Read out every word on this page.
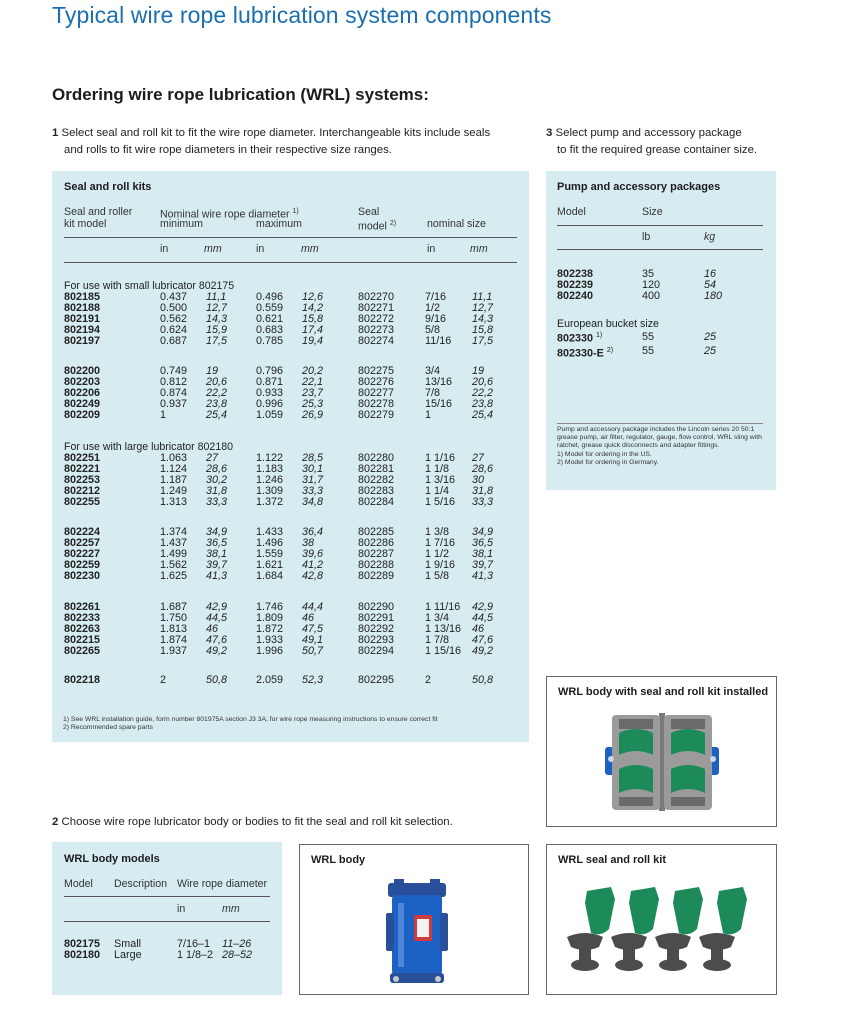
Typical wire rope lubrication system components
Ordering wire rope lubrication (WRL) systems:
1 Select seal and roll kit to fit the wire rope diameter. Interchangeable kits include seals
and rolls to fit wire rope diameters in their respective size ranges.
3 Select pump and accessory package
to fit the required grease container size.
Seal and roll kits
Seal and roller
kit model
Nominal wire rope diameter $^{1)}$
minimum	maximum
Seal
model $^{2)}$	nominal size
in	mm	in	mm	in	mm
For use with small lubricator 802175
802185	0.437	11,1	0.496	12,6	802270	7/16	11,1
802188	0.500	12,7	0.559	14,2	802271	1/2	12,7
802191	0.562	14,3	0.621	15,8	802272	9/16	14,3
802194	0.624	15,9	0.683	17,4	802273	5/8	15,8
802197	0.687	17,5	0.785	19,4	802274	11/16	17,5
802200	0.749	19	0.796	20,2	802275	3/4	19
802203	0.812	20,6	0.871	22,1	802276	13/16	20,6
802206	0.874	22,2	0.933	23,7	802277	7/8	22,2
802249	0.937	23,8	0.996	25,3	802278	15/16	23,8
802209	1	25,4	1.059	26,9	802279	1	25,4
For use with large lubricator 802180
802251	1.063	27	1.122	28,5	802280	1 1/16	27
802221	1.124	28,6	1.183	30,1	802281	1 1/8	28,6
802253	1.187	30,2	1.246	31,7	802282	1 3/16	30
802212	1.249	31,8	1.309	33,3	802283	1 1/4	31,8
802255	1.313	33,3	1.372	34,8	802284	1 5/16	33,3
802224	1.374	34,9	1.433	36,4	802285	1 3/8	34,9
802257	1.437	36,5	1.496	38	802286	1 7/16	36,5
802227	1.499	38,1	1.559	39,6	802287	1 1/2	38,1
802259	1.562	39,7	1.621	41,2	802288	1 9/16	39,7
802230	1.625	41,3	1.684	42,8	802289	1 5/8	41,3
802261	1.687	42,9	1.746	44,4	802290	1 11/16	42,9
802233	1.750	44,5	1.809	46	802291	1 3/4	44,5
802263	1.813	46	1.872	47,5	802292	1 13/16	46
802215	1.874	47,6	1.933	49,1	802293	1 7/8	47,6
802265	1.937	49,2	1.996	50,7	802294	1 15/16	49,2
802218	2	50,8	2.059	52,3	802295	2	50,8
1) See WRL installation guide, form number 801975A section J3 3A, for wire rope measuring instructions to ensure correct fit
2) Recommended spare parts
Pump and accessory packages
Model	Size
lb	kg
802238	35	16
802239	120	54
802240	400	180
European bucket size
802330 $^{1)}$	55	25
802330-E $^{2)}$	55	25
Pump and accessory package includes the Lincoln series 20 50:1 grease pump, air filter, regulator, gauge, flow control, WRL sling with ratchet, grease quick disconnects and adapter fittings.
1) Model for ordering in the US.
2) Model for ordering in Germany.
WRL body with seal and roll kit installed
2 Choose wire rope lubricator body or bodies to fit the seal and roll kit selection.
WRL body models
Model Description Wire rope diameter
in	mm
802175	Small	7/16–1	11–26
802180	Large	1 1/8–2	28–52
WRL body	WRL seal and roll kit
